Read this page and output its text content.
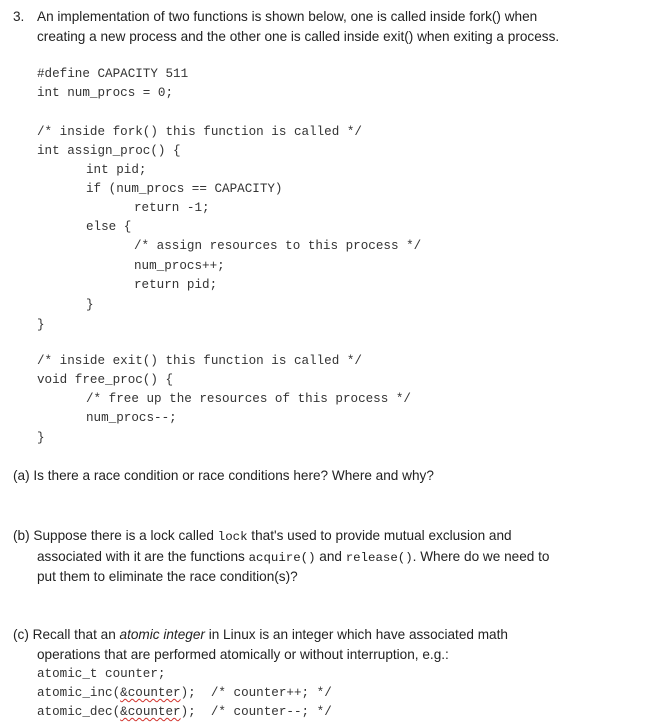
3. An implementation of two functions is shown below, one is called inside fork() when
creating a new process and the other one is called inside exit() when exiting a process.
#define CAPACITY 511
int num_procs = 0;
/* inside fork() this function is called */
int assign_proc() {
int pid;
if (num_procs == CAPACITY)
return -1;
else {
/* assign resources to this process */
num_procs++;
return pid;
}
}
/* inside exit() this function is called */
void free_proc() {
/* free up the resources of this process */
num_procs--;
}
(a) Is there a race condition or race conditions here? Where and why?
(b) Suppose there is a lock called lock that's used to provide mutual exclusion and
associated with it are the functions acquire() and release(). Where do we need to
put them to eliminate the race condition(s)?
(c) Recall that an atomic integer in Linux is an integer which have associated math
operations that are performed atomically or without interruption, e.g.:
atomic_t counter;
atomic_inc(&counter);  /* counter++; */
atomic_dec(&counter);  /* counter--; */
